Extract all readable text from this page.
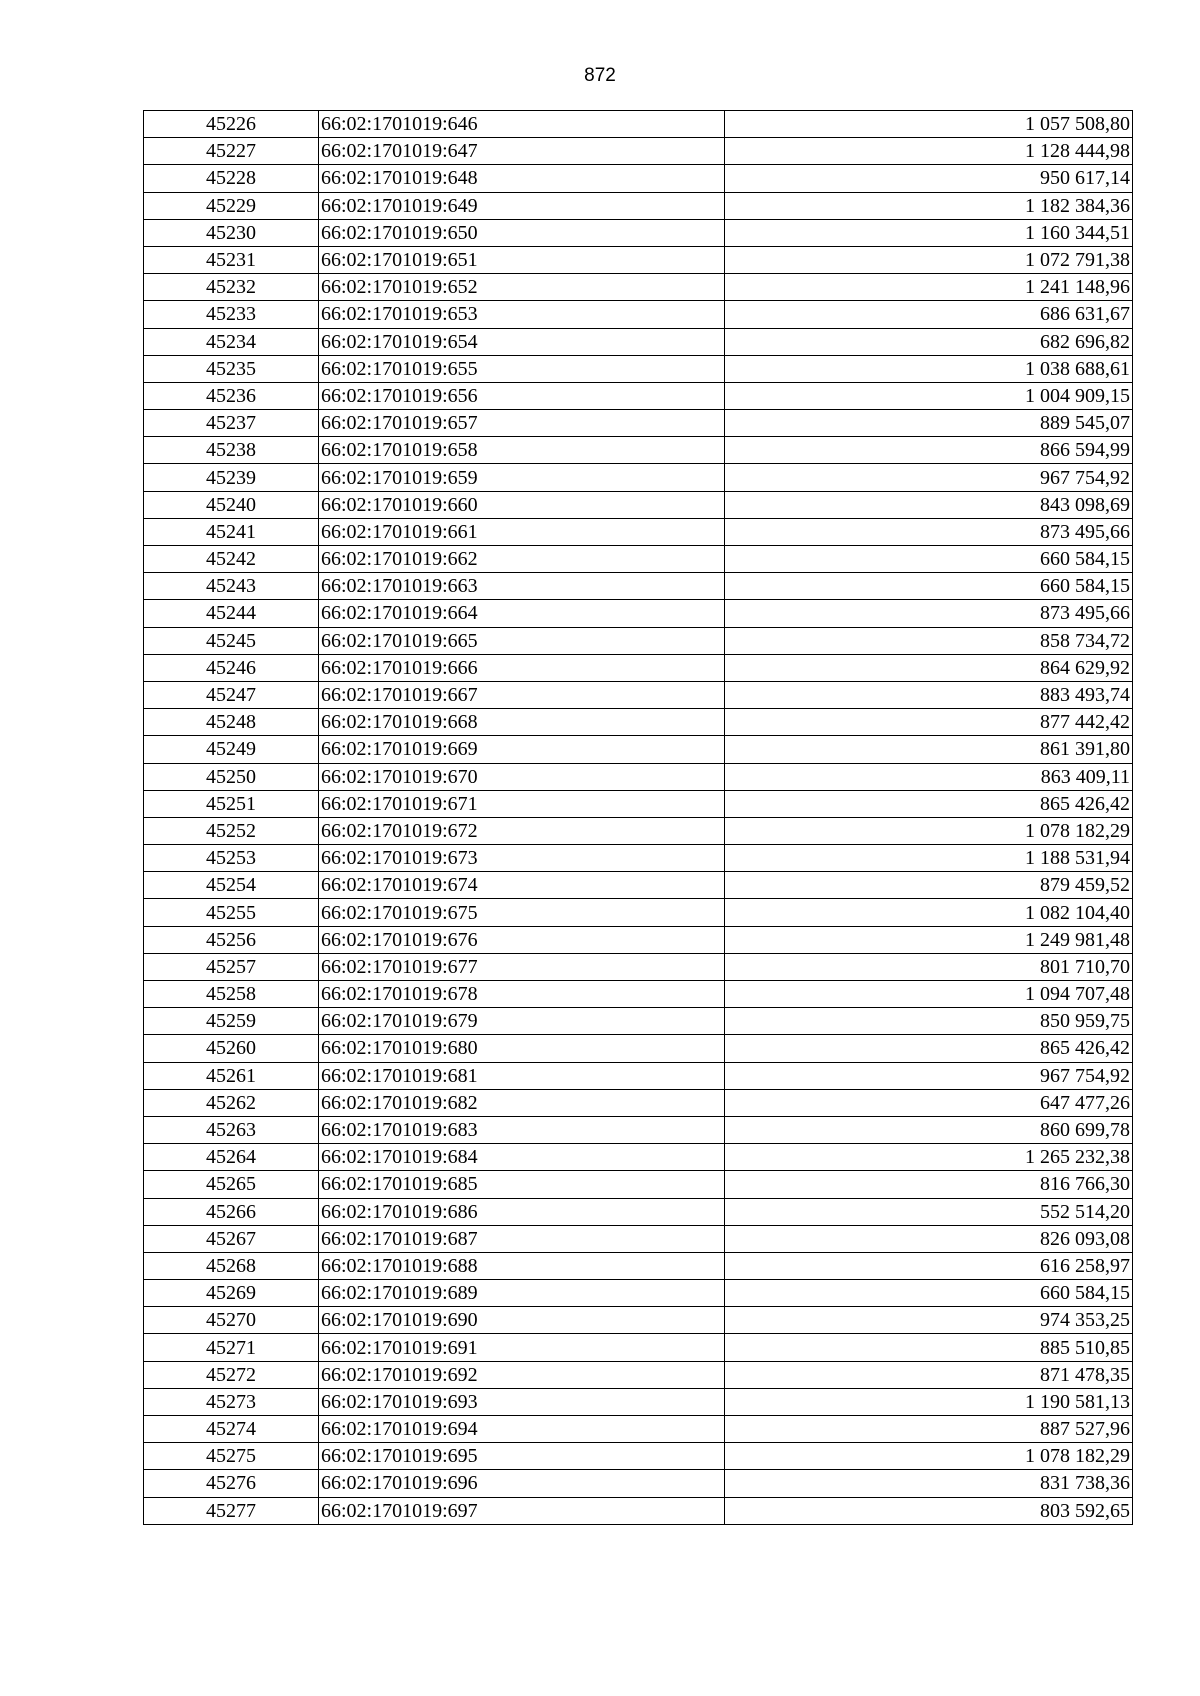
872
45226	66:02:1701019:646	1 057 508,80
45227	66:02:1701019:647	1 128 444,98
45228	66:02:1701019:648	950 617,14
45229	66:02:1701019:649	1 182 384,36
45230	66:02:1701019:650	1 160 344,51
45231	66:02:1701019:651	1 072 791,38
45232	66:02:1701019:652	1 241 148,96
45233	66:02:1701019:653	686 631,67
45234	66:02:1701019:654	682 696,82
45235	66:02:1701019:655	1 038 688,61
45236	66:02:1701019:656	1 004 909,15
45237	66:02:1701019:657	889 545,07
45238	66:02:1701019:658	866 594,99
45239	66:02:1701019:659	967 754,92
45240	66:02:1701019:660	843 098,69
45241	66:02:1701019:661	873 495,66
45242	66:02:1701019:662	660 584,15
45243	66:02:1701019:663	660 584,15
45244	66:02:1701019:664	873 495,66
45245	66:02:1701019:665	858 734,72
45246	66:02:1701019:666	864 629,92
45247	66:02:1701019:667	883 493,74
45248	66:02:1701019:668	877 442,42
45249	66:02:1701019:669	861 391,80
45250	66:02:1701019:670	863 409,11
45251	66:02:1701019:671	865 426,42
45252	66:02:1701019:672	1 078 182,29
45253	66:02:1701019:673	1 188 531,94
45254	66:02:1701019:674	879 459,52
45255	66:02:1701019:675	1 082 104,40
45256	66:02:1701019:676	1 249 981,48
45257	66:02:1701019:677	801 710,70
45258	66:02:1701019:678	1 094 707,48
45259	66:02:1701019:679	850 959,75
45260	66:02:1701019:680	865 426,42
45261	66:02:1701019:681	967 754,92
45262	66:02:1701019:682	647 477,26
45263	66:02:1701019:683	860 699,78
45264	66:02:1701019:684	1 265 232,38
45265	66:02:1701019:685	816 766,30
45266	66:02:1701019:686	552 514,20
45267	66:02:1701019:687	826 093,08
45268	66:02:1701019:688	616 258,97
45269	66:02:1701019:689	660 584,15
45270	66:02:1701019:690	974 353,25
45271	66:02:1701019:691	885 510,85
45272	66:02:1701019:692	871 478,35
45273	66:02:1701019:693	1 190 581,13
45274	66:02:1701019:694	887 527,96
45275	66:02:1701019:695	1 078 182,29
45276	66:02:1701019:696	831 738,36
45277	66:02:1701019:697	803 592,65
